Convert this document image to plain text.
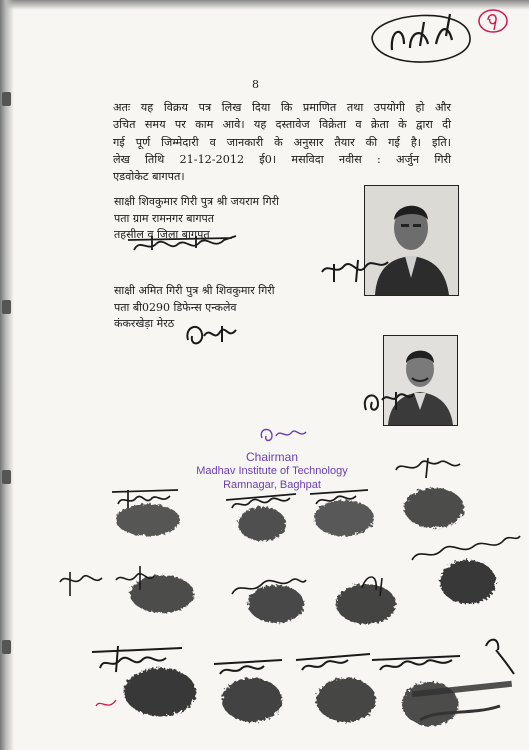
8
अतः यह विक्रय पत्र लिख दिया कि प्रमाणित तथा उपयोगी हो और
उचित समय पर काम आवे। यह दस्तावेज विक्रेता व क्रेता के द्वारा दी
गई पूर्ण जिम्मेदारी व जानकारी के अनुसार तैयार की गई है। इति।
लेख तिथि 21-12-2012 ई0। मसविदा नवीस : अर्जुन गिरी
एडवोकेट बागपत।
साक्षी शिवकुमार गिरी पुत्र श्री जयराम गिरी
पता ग्राम रामनगर बागपत
तहसील व जिला बागपत
साक्षी अमित गिरी पुत्र श्री शिवकुमार गिरी
पता बी0290 डिफेन्स एन्कलेव
कंकरखेड़ा मेरठ
Chairman
Madhav Institute of Technology
Ramnagar, Baghpat
